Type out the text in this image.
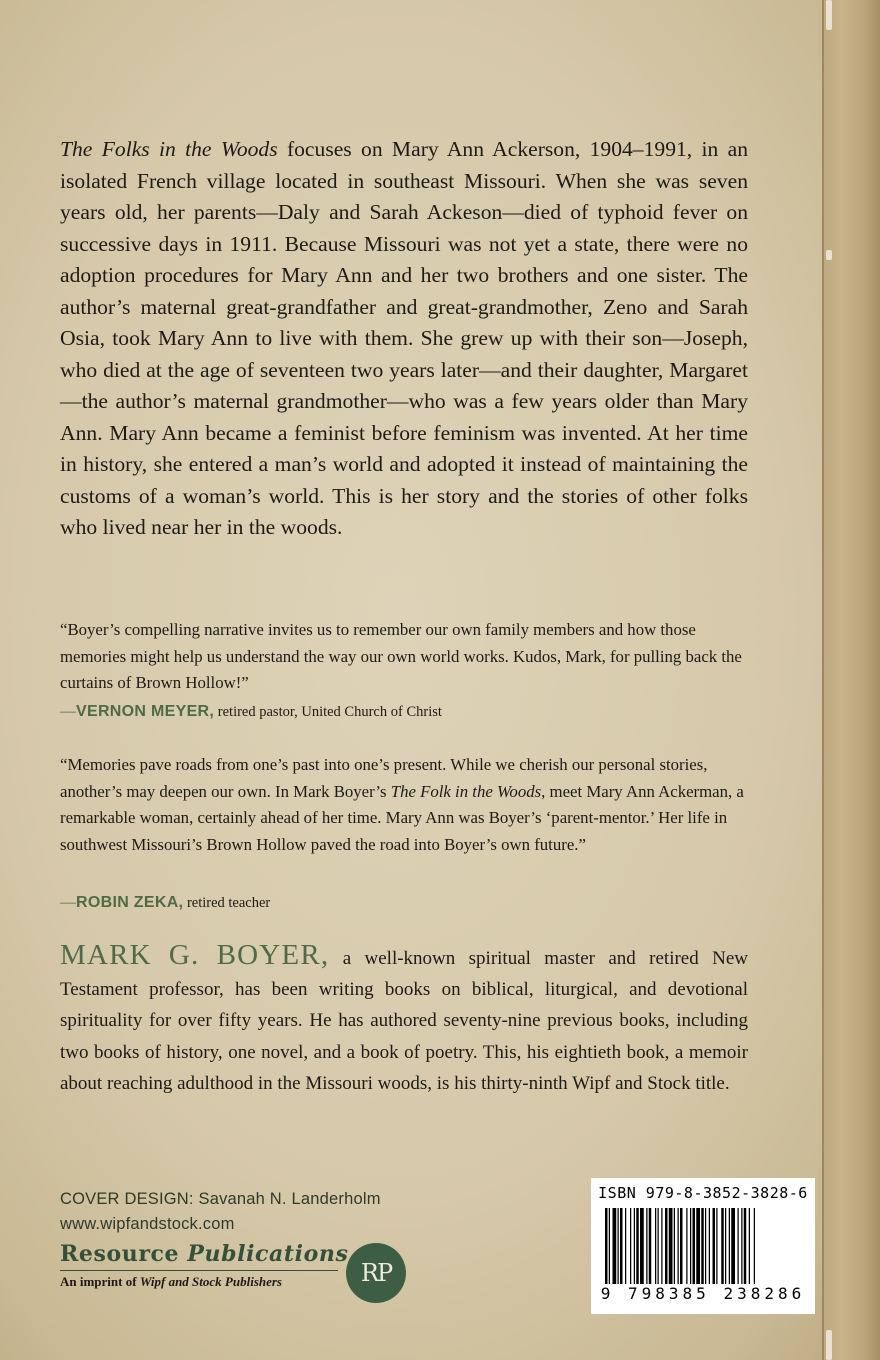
The Folks in the Woods focuses on Mary Ann Ackerson, 1904–1991, in an isolated French village located in southeast Missouri. When she was seven years old, her parents—Daly and Sarah Ackeson—died of typhoid fever on successive days in 1911. Because Missouri was not yet a state, there were no adoption procedures for Mary Ann and her two brothers and one sister. The author’s maternal great-grandfather and great-grandmother, Zeno and Sarah Osia, took Mary Ann to live with them. She grew up with their son—Joseph, who died at the age of seventeen two years later—and their daughter, Margaret—the author’s maternal grandmother—who was a few years older than Mary Ann. Mary Ann became a feminist before feminism was invented. At her time in history, she entered a man’s world and adopted it instead of maintaining the customs of a woman’s world. This is her story and the stories of other folks who lived near her in the woods.

“Boyer’s compelling narrative invites us to remember our own family members and how those memories might help us understand the way our own world works. Kudos, Mark, for pulling back the curtains of Brown Hollow!”

—VERNON MEYER, retired pastor, United Church of Christ

“Memories pave roads from one’s past into one’s present. While we cherish our personal stories, another’s may deepen our own. In Mark Boyer’s The Folk in the Woods, meet Mary Ann Ackerman, a remarkable woman, certainly ahead of her time. Mary Ann was Boyer’s ‘parent-mentor.’ Her life in southwest Missouri’s Brown Hollow paved the road into Boyer’s own future.”

—ROBIN ZEKA, retired teacher

MARK G. BOYER, a well-known spiritual master and retired New Testament professor, has been writing books on biblical, liturgical, and devotional spirituality for over fifty years. He has authored seventy-nine previous books, including two books of history, one novel, and a book of poetry. This, his eightieth book, a memoir about reaching adulthood in the Missouri woods, is his thirty-ninth Wipf and Stock title.

COVER DESIGN: Savanah N. Landerholm
www.wipfandstock.com
Resource Publications
An imprint of Wipf and Stock Publishers	RP
ISBN 979-8-3852-3828-6
9 798385 238286
